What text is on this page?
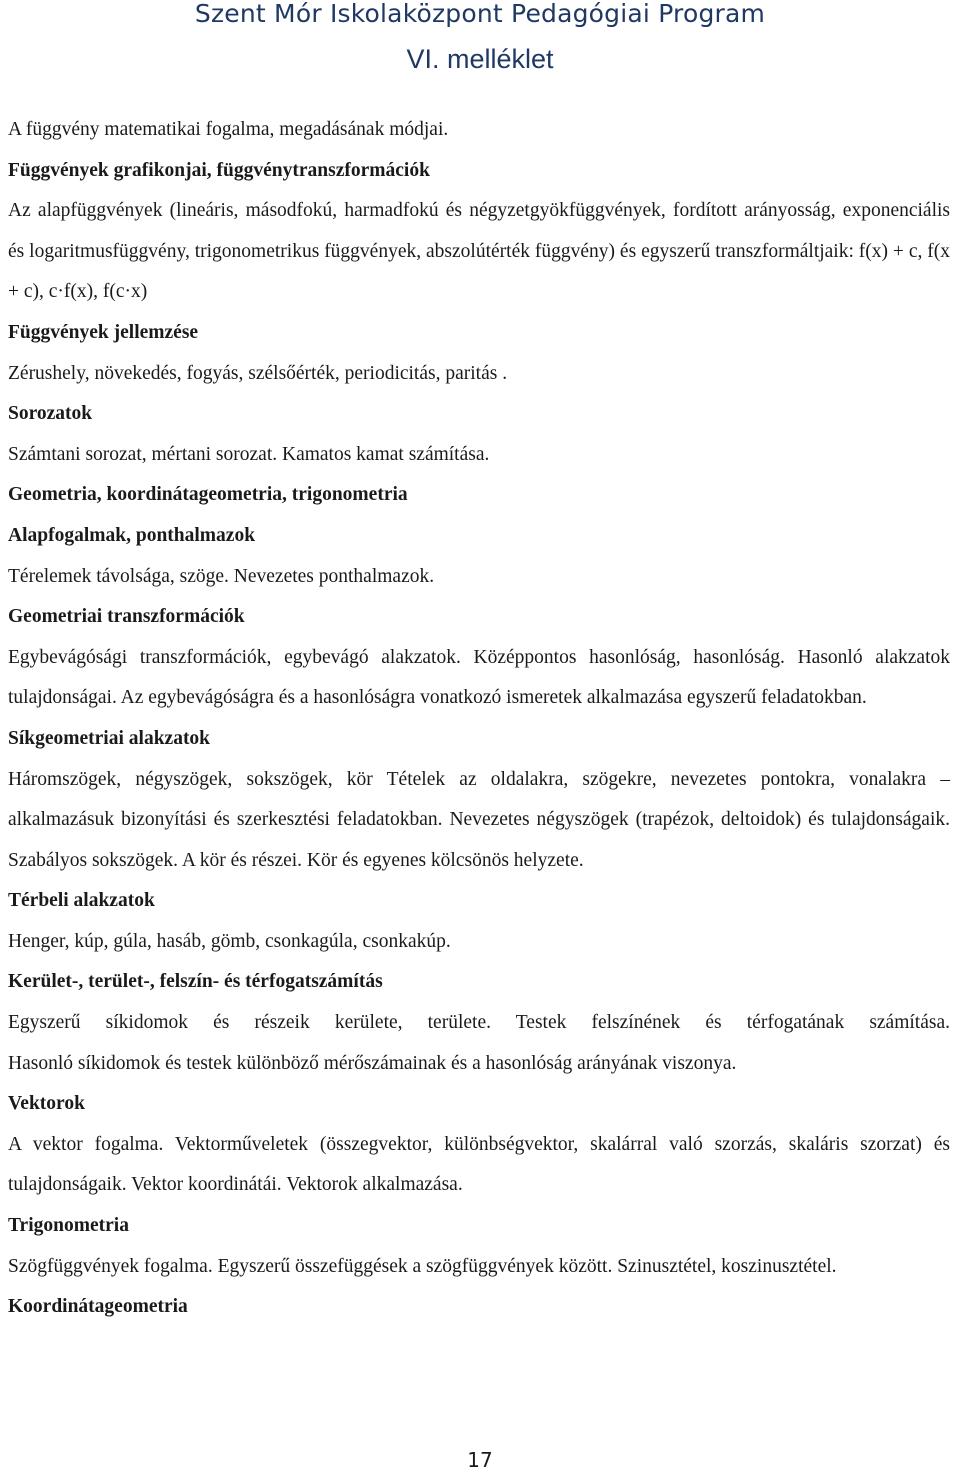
Szent Mór Iskolaközpont Pedagógiai Program
VI. melléklet

A függvény matematikai fogalma, megadásának módjai.

Függvények grafikonjai, függvénytranszformációk

Az alapfüggvények (lineáris, másodfokú, harmadfokú és négyzetgyökfüggvények, fordított arányosság, exponenciális és logaritmusfüggvény, trigonometrikus függvények, abszolútérték függvény) és egyszerű transzformáltjaik: f(x) + c, f(x + c), c·f(x), f(c·x)

Függvények jellemzése

Zérushely, növekedés, fogyás, szélsőérték, periodicitás, paritás .

Sorozatok

Számtani sorozat, mértani sorozat. Kamatos kamat számítása.

Geometria, koordinátageometria, trigonometria

Alapfogalmak, ponthalmazok

Térelemek távolsága, szöge. Nevezetes ponthalmazok.

Geometriai transzformációk

Egybevágósági transzformációk, egybevágó alakzatok. Középpontos hasonlóság, hasonlóság. Hasonló alakzatok tulajdonságai. Az egybevágóságra és a hasonlóságra vonatkozó ismeretek alkalmazása egyszerű feladatokban.

Síkgeometriai alakzatok

Háromszögek, négyszögek, sokszögek, kör Tételek az oldalakra, szögekre, nevezetes pontokra, vonalakra – alkalmazásuk bizonyítási és szerkesztési feladatokban. Nevezetes négyszögek (trapézok, deltoidok) és tulajdonságaik. Szabályos sokszögek. A kör és részei. Kör és egyenes kölcsönös helyzete.

Térbeli alakzatok

Henger, kúp, gúla, hasáb, gömb, csonkagúla, csonkakúp.

Kerület-, terület-, felszín- és térfogatszámítás

Egyszerű síkidomok és részeik kerülete, területe. Testek felszínének és térfogatának számítása.

Hasonló síkidomok és testek különböző mérőszámainak és a hasonlóság arányának viszonya.

Vektorok

A vektor fogalma. Vektorműveletek (összegvektor, különbségvektor, skalárral való szorzás, skaláris szorzat) és tulajdonságaik. Vektor koordinátái. Vektorok alkalmazása.

Trigonometria

Szögfüggvények fogalma. Egyszerű összefüggések a szögfüggvények között. Szinusztétel, koszinusztétel.

Koordinátageometria

17
